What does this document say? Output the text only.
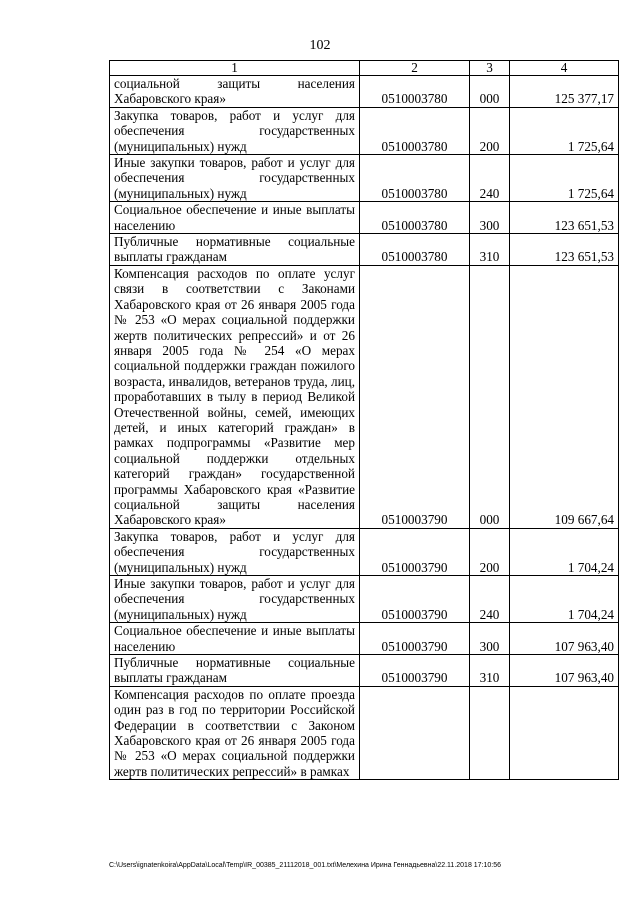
102
1	2	3	4
социальной защиты населения Хабаровского края»	0510003780	000	125 377,17
Закупка товаров, работ и услуг для обеспечения государственных (муниципальных) нужд	0510003780	200	1 725,64
Иные закупки товаров, работ и услуг для обеспечения государственных (муниципальных) нужд	0510003780	240	1 725,64
Социальное обеспечение и иные выплаты населению	0510003780	300	123 651,53
Публичные нормативные социальные выплаты гражданам	0510003780	310	123 651,53
Компенсация расходов по оплате услуг связи в соответствии с Законами Хабаровского края от 26 января 2005 года № 253 «О мерах социальной поддержки жертв политических репрессий» и от 26 января 2005 года № 254 «О мерах социальной поддержки граждан пожилого возраста, инвалидов, ветеранов труда, лиц, проработавших в тылу в период Великой Отечественной войны, семей, имеющих детей, и иных категорий граждан» в рамках подпрограммы «Развитие мер социальной поддержки отдельных категорий граждан» государственной программы Хабаровского края «Развитие социальной защиты населения Хабаровского края»	0510003790	000	109 667,64
Закупка товаров, работ и услуг для обеспечения государственных (муниципальных) нужд	0510003790	200	1 704,24
Иные закупки товаров, работ и услуг для обеспечения государственных (муниципальных) нужд	0510003790	240	1 704,24
Социальное обеспечение и иные выплаты населению	0510003790	300	107 963,40
Публичные нормативные социальные выплаты гражданам	0510003790	310	107 963,40
Компенсация расходов по оплате проезда один раз в год по территории Российской Федерации в соответствии с Законом Хабаровского края от 26 января 2005 года № 253 «О мерах социальной поддержки жертв политических репрессий» в рамках			
C:\Users\ignatenkoira\AppData\Local\Temp\IR_00385_21112018_001.txt\Мелехина Ирина Геннадьевна\22.11.2018 17:10:56
